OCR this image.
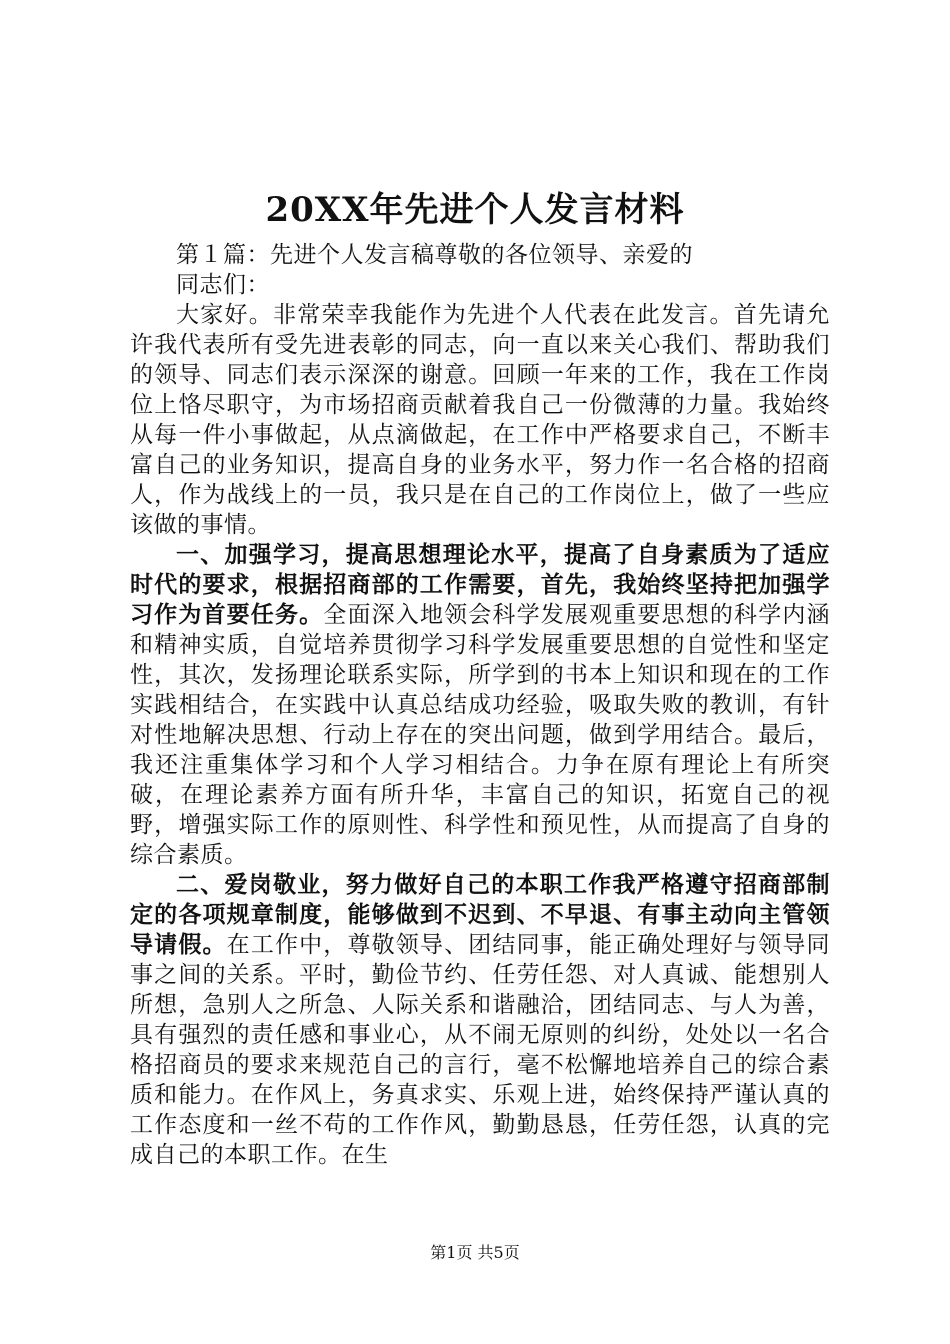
20XX年先进个人发言材料

第１篇：先进个人发言稿尊敬的各位领导、亲爱的

同志们：

大家好。非常荣幸我能作为先进个人代表在此发言。首先请允许我代表所有受先进表彰的同志，向一直以来关心我们、帮助我们的领导、同志们表示深深的谢意。回顾一年来的工作，我在工作岗位上恪尽职守，为市场招商贡献着我自己一份微薄的力量。我始终从每一件小事做起，从点滴做起，在工作中严格要求自己，不断丰富自己的业务知识，提高自身的业务水平，努力作一名合格的招商人，作为战线上的一员，我只是在自己的工作岗位上，做了一些应该做的事情。

一、加强学习，提高思想理论水平，提高了自身素质为了适应时代的要求，根据招商部的工作需要，首先，我始终坚持把加强学习作为首要任务。全面深入地领会科学发展观重要思想的科学内涵和精神实质，自觉培养贯彻学习科学发展重要思想的自觉性和坚定性，其次，发扬理论联系实际，所学到的书本上知识和现在的工作实践相结合，在实践中认真总结成功经验，吸取失败的教训，有针对性地解决思想、行动上存在的突出问题，做到学用结合。最后，我还注重集体学习和个人学习相结合。力争在原有理论上有所突破，在理论素养方面有所升华，丰富自己的知识，拓宽自己的视野，增强实际工作的原则性、科学性和预见性，从而提高了自身的综合素质。

二、爱岗敬业，努力做好自己的本职工作我严格遵守招商部制定的各项规章制度，能够做到不迟到、不早退、有事主动向主管领导请假。在工作中，尊敬领导、团结同事，能正确处理好与领导同事之间的关系。平时，勤俭节约、任劳任怨、对人真诚、能想别人所想，急别人之所急、人际关系和谐融洽，团结同志、与人为善，具有强烈的责任感和事业心，从不闹无原则的纠纷，处处以一名合格招商员的要求来规范自己的言行，毫不松懈地培养自己的综合素质和能力。在作风上，务真求实、乐观上进，始终保持严谨认真的工作态度和一丝不苟的工作作风，勤勤恳恳，任劳任怨，认真的完成自己的本职工作。在生

第1页 共5页
